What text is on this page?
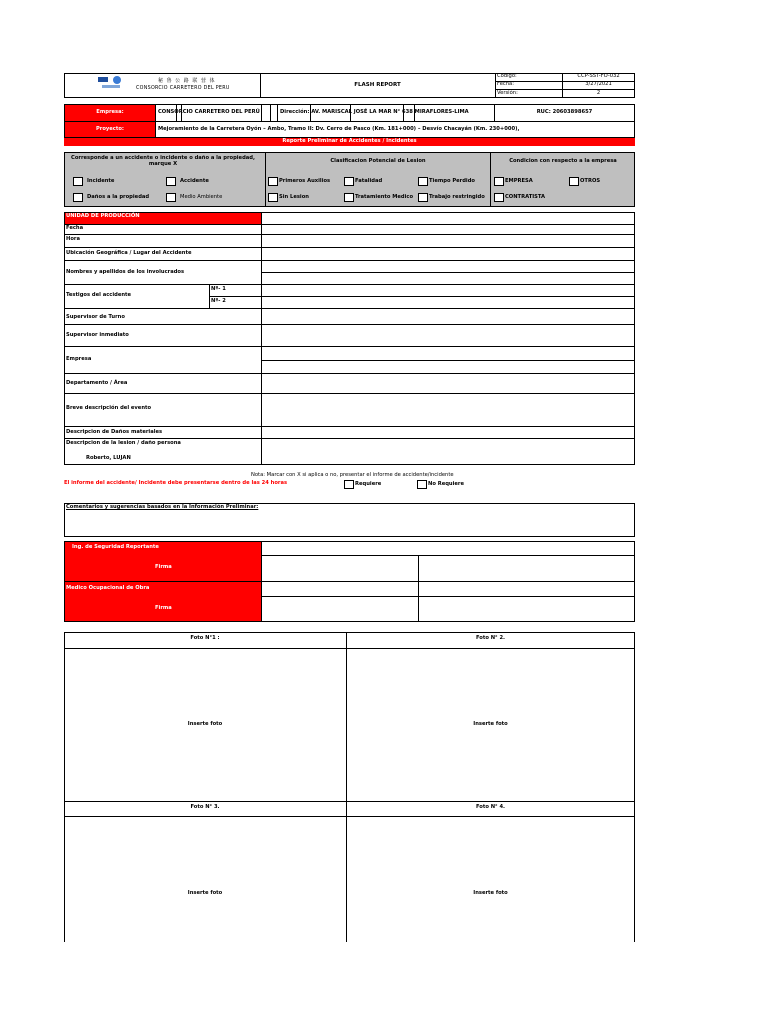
秘 鲁 公 路 联 营 体
CONSORCIO CARRETERO DEL PERU
FLASH REPORT
Codigo:	CCP-SST-FO-032
Fecha:	3/27/2021
Versión:	2
Empresa:	CONSORCIO CARRETERO DEL PERÚ	Dirección: AV. MARISCAL JOSÉ LA MAR N° 638 MIRAFLORES-LIMA	RUC: 20603898657
Proyecto:	Mejoramiento de la Carretera Oyón – Ambo, Tramo II: Dv. Cerro de Pasco (Km. 181+000) – Desvío Chacayán (Km. 230+000),
Reporte Preliminar de Accidentes / Incidentes
Corresponde a un accidente o incidente o daño a la propiedad, marque X
Incidente	Accidente
Daños a la propiedad	Medio Ambiente
Clasificacion Potencial de Lesion
Primeros Auxilios	Fatalidad	Tiempo Perdido
Sin Lesion	Tratamiento Medico	Trabajo restringido
Condicion con respecto a la empresa
EMPRESA	OTROS
CONTRATISTA
UNIDAD DE PRODUCCIÓN
Fecha
Hora
Ubicación Geográfica / Lugar del Accidente
Nombres y apellidos de los involucrados
Testigos del accidente
Nº- 1
Nº- 2
Supervisor de Turno
Supervisor inmediato
Empresa
Departamento / Área
Breve descripción del evento
Descripcion de Daños materiales
Descripcion de la lesion / daño persona
Roberto, LUJAN
Nota: Marcar con X si aplica o no, presentar el informe de accidente/incidente
El informe del accidente/ Incidente debe presentarse dentro de las 24 horas	Requiere	No Requiere
Comentarios y sugerencias basados en la Información Preliminar:
Ing. de Seguridad Reportante
Firma
Medico Ocupacional de Obra
Firma
Foto N°1 :	Foto N° 2.
Inserte foto	Inserte foto
Foto N° 3.	Foto N° 4.
Inserte foto	Inserte foto
